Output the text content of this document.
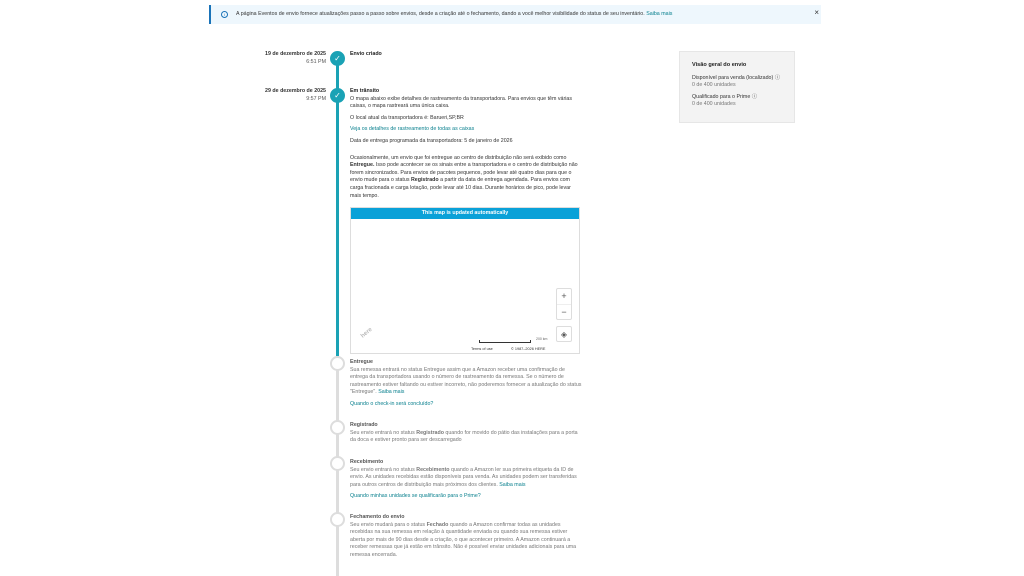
i	A página Eventos de envio fornece atualizações passo a passo sobre envios, desde a criação até o fechamento, dando a você melhor visibilidade do status de seu inventário.
Saiba mais	×
19 de dezembro de 2025
6:51 PM	✓	Envio criado
29 de dezembro de 2025
9:57 PM	✓	Em trânsito

O mapa abaixo exibe detalhes de rastreamento da transportadora. Para envios que têm várias caixas, o mapa rastreará uma única caixa.

O local atual da transportadora é: Barueri,SP,BR

Veja os detalhes de rastreamento de todas as caixas

Data de entrega programada da transportadora: 5 de janeiro de 2026

Ocasionalmente, um envio que foi entregue ao centro de distribuição não será exibido como Entregue. Isso pode acontecer se os sinais entre a transportadora e o centro de distribuição não forem sincronizados. Para envios de pacotes pequenos, pode levar até quatro dias para que o envio mude para o status Registrado a partir da data de entrega agendada. Para envios com carga fracionada e carga lotação, pode levar até 10 dias. Durante horários de pico, pode levar mais tempo.

This map is updated automatically
+
−
◈
here	200 km
Terms of use	© 1987–2026 HERE
Entregue

Sua remessa entrará no status Entregue assim que a Amazon receber uma confirmação de entrega da transportadora usando o número de rastreamento da remessa. Se o número de rastreamento estiver faltando ou estiver incorreto, não poderemos fornecer a atualização do status "Entregue". Saiba mais

Quando o check-in será concluído?

Registrado

Seu envio entrará no status Registrado quando for movido do pátio das instalações para a porta da doca e estiver pronto para ser descarregado

Recebimento

Seu envio entrará no status Recebimento quando a Amazon ler sua primeira etiqueta da ID de envio. As unidades recebidas estão disponíveis para venda. As unidades podem ser transferidas para outros centros de distribuição mais próximos dos clientes. Saiba mais

Quando minhas unidades se qualificarão para o Prime?

Fechamento do envio

Seu envio mudará para o status Fechado quando a Amazon confirmar todas as unidades recebidas na sua remessa em relação à quantidade enviada ou quando sua remessa estiver aberta por mais de 90 dias desde a criação, o que acontecer primeiro. A Amazon continuará a receber remessas que já estão em trânsito. Não é possível enviar unidades adicionais para uma remessa encerrada.

Visão geral do envio
Disponível para venda (localizado) ⓘ
0 de 400 unidades
Qualificado para o Prime ⓘ
0 de 400 unidades
